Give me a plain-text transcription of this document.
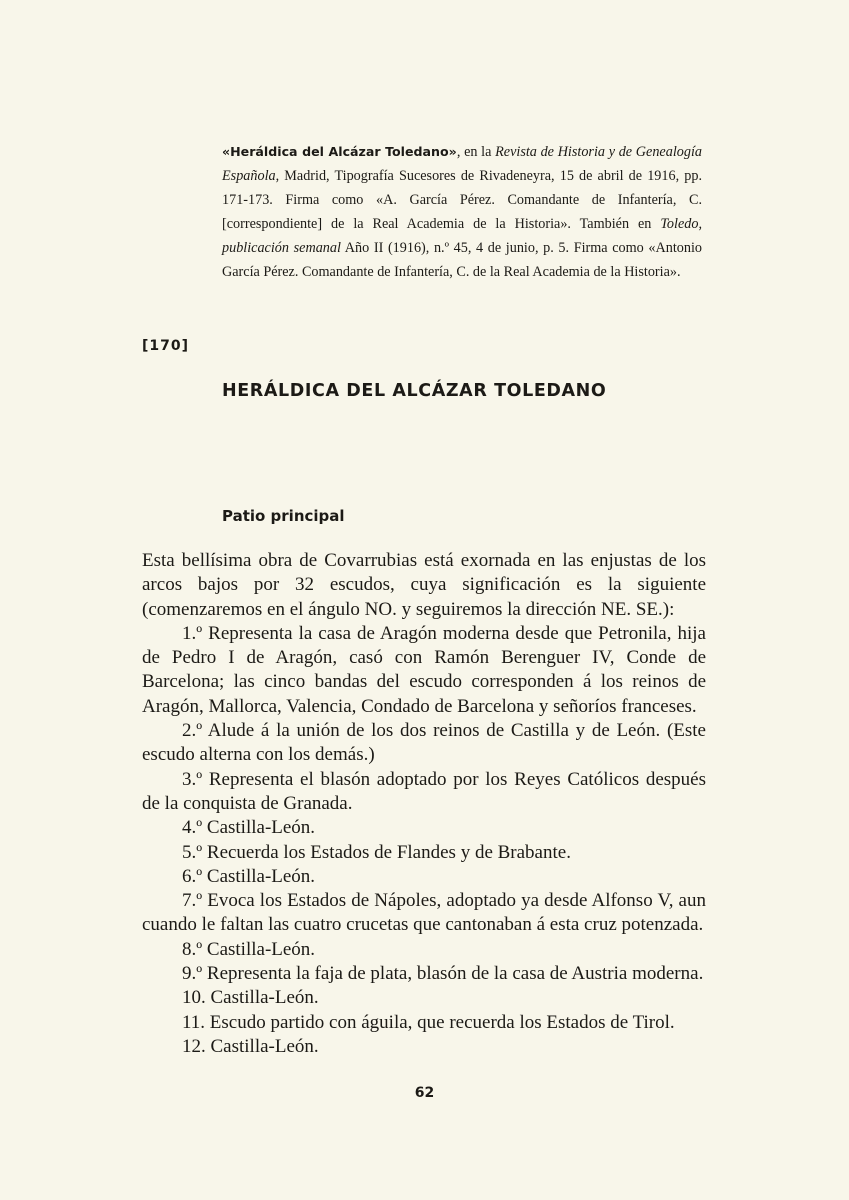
«Heráldica del Alcázar Toledano», en la Revista de Historia y de Genealogía Española, Madrid, Tipografía Sucesores de Rivadeneyra, 15 de abril de 1916, pp. 171-173. Firma como «A. García Pérez. Comandante de Infantería, C. [correspondiente] de la Real Academia de la Historia». También en Toledo, publicación semanal Año II (1916), n.º 45, 4 de junio, p. 5. Firma como «Antonio García Pérez. Comandante de Infantería, C. de la Real Academia de la Historia».
[170]
HERÁLDICA DEL ALCÁZAR TOLEDANO
Patio principal

Esta bellísima obra de Covarrubias está exornada en las enjustas de los arcos bajos por 32 escudos, cuya significación es la siguiente (comenzaremos en el ángulo NO. y seguiremos la dirección NE. SE.):

1.º Representa la casa de Aragón moderna desde que Petronila, hija de Pedro I de Aragón, casó con Ramón Berenguer IV, Conde de Barcelona; las cinco bandas del escudo corresponden á los reinos de Aragón, Mallorca, Valencia, Condado de Barcelona y señoríos franceses.

2.º Alude á la unión de los dos reinos de Castilla y de León. (Este escudo alterna con los demás.)

3.º Representa el blasón adoptado por los Reyes Católicos después de la conquista de Granada.

4.º Castilla-León.

5.º Recuerda los Estados de Flandes y de Brabante.

6.º Castilla-León.

7.º Evoca los Estados de Nápoles, adoptado ya desde Alfonso V, aun cuando le faltan las cuatro crucetas que cantonaban á esta cruz potenzada.

8.º Castilla-León.

9.º Representa la faja de plata, blasón de la casa de Austria moderna.

10. Castilla-León.

11. Escudo partido con águila, que recuerda los Estados de Tirol.

12. Castilla-León.

62
